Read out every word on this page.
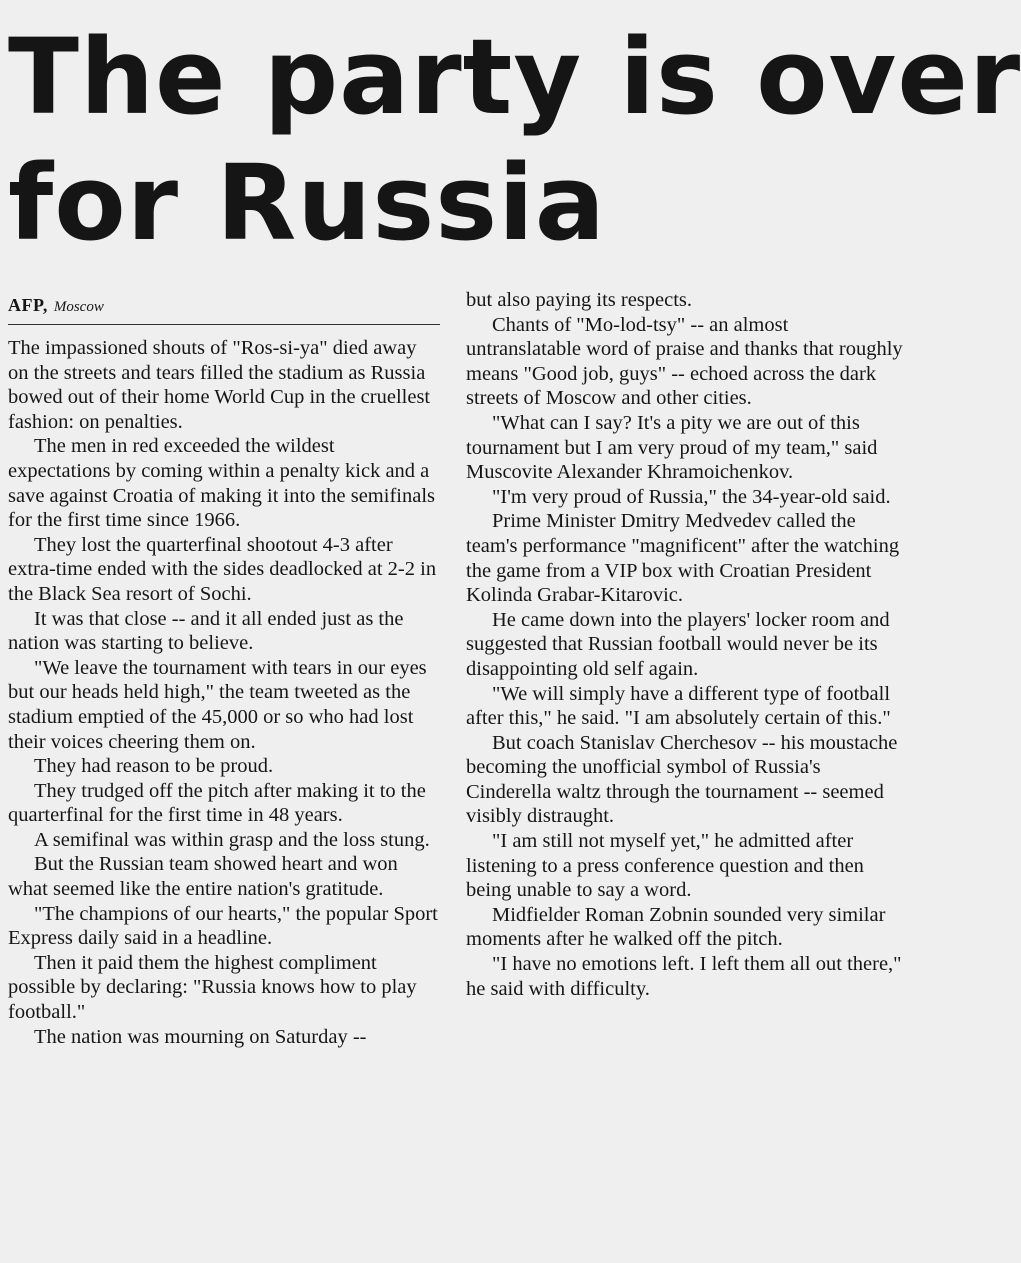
The party is over
for Russia
AFP, Moscow

The impassioned shouts of "Ros-si-ya" died away on the streets and tears filled the stadium as Russia bowed out of their home World Cup in the cruellest fashion: on penalties.

The men in red exceeded the wildest expectations by coming within a penalty kick and a save against Croatia of making it into the semifinals for the first time since 1966.

They lost the quarterfinal shootout 4-3 after extra-time ended with the sides deadlocked at 2-2 in the Black Sea resort of Sochi.

It was that close -- and it all ended just as the nation was starting to believe.

"We leave the tournament with tears in our eyes but our heads held high," the team tweeted as the stadium emptied of the 45,000 or so who had lost their voices cheering them on.

They had reason to be proud.

They trudged off the pitch after making it to the quarterfinal for the first time in 48 years.

A semifinal was within grasp and the loss stung.

But the Russian team showed heart and won what seemed like the entire nation's gratitude.

"The champions of our hearts," the popular Sport Express daily said in a headline.

Then it paid them the highest compliment possible by declaring: "Russia knows how to play football."

The nation was mourning on Saturday --

but also paying its respects.

Chants of "Mo-lod-tsy" -- an almost untranslatable word of praise and thanks that roughly means "Good job, guys" -- echoed across the dark streets of Moscow and other cities.

"What can I say? It's a pity we are out of this tournament but I am very proud of my team," said Muscovite Alexander Khramoichenkov.

"I'm very proud of Russia," the 34-year-old said.

Prime Minister Dmitry Medvedev called the team's performance "magnificent" after the watching the game from a VIP box with Croatian President Kolinda Grabar-Kitarovic.

He came down into the players' locker room and suggested that Russian football would never be its disappointing old self again.

"We will simply have a different type of football after this," he said. "I am absolutely certain of this."

But coach Stanislav Cherchesov -- his moustache becoming the unofficial symbol of Russia's Cinderella waltz through the tournament -- seemed visibly distraught.

"I am still not myself yet," he admitted after listening to a press conference question and then being unable to say a word.

Midfielder Roman Zobnin sounded very similar moments after he walked off the pitch.

"I have no emotions left. I left them all out there," he said with difficulty.
